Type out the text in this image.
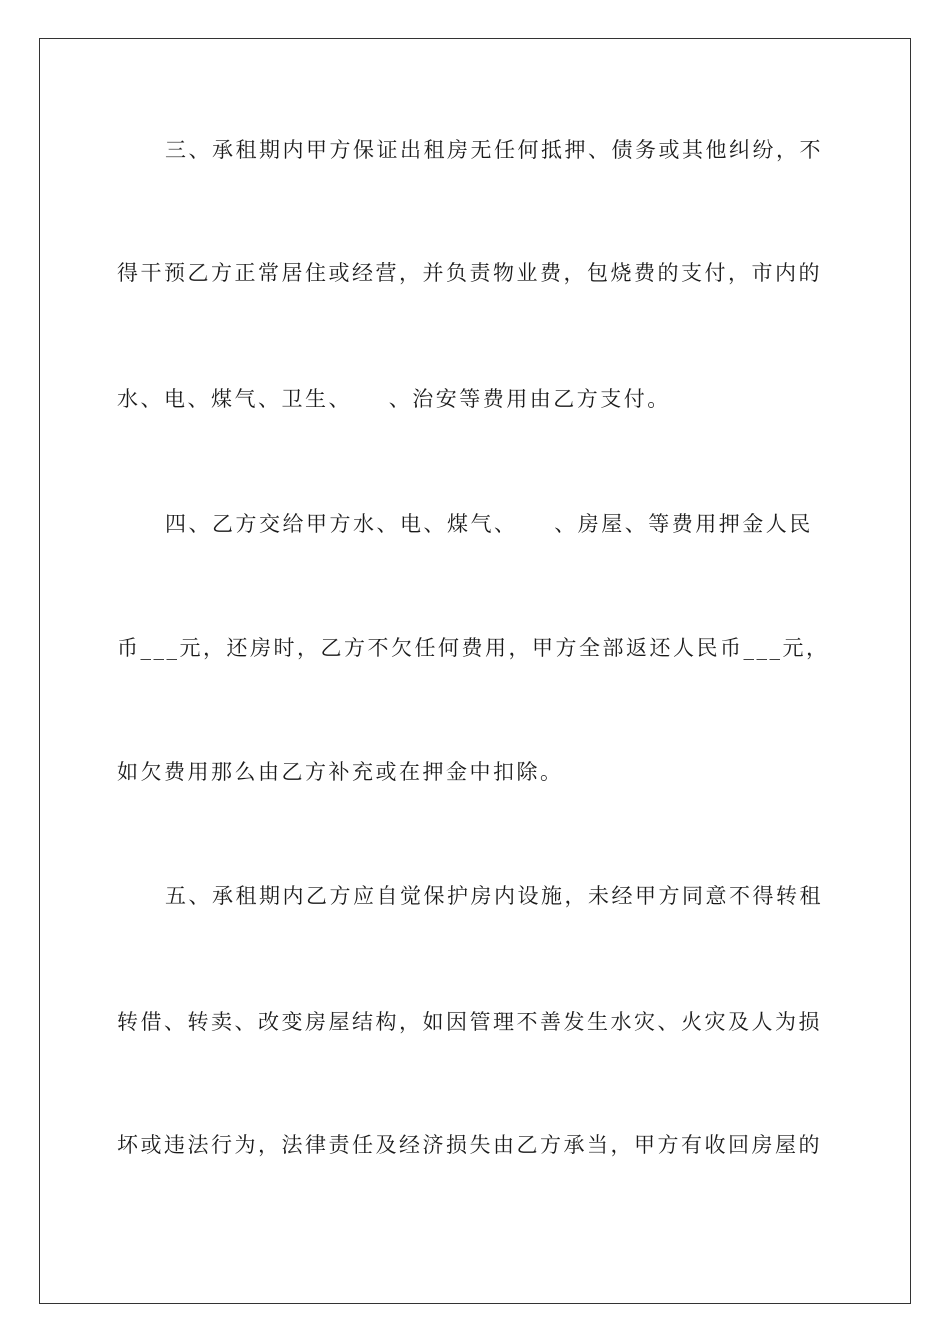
三、承租期内甲方保证出租房无任何抵押、债务或其他纠纷，不
得干预乙方正常居住或经营，并负责物业费，包烧费的支付，市内的
水、电、煤气、卫生、    、治安等费用由乙方支付。
四、乙方交给甲方水、电、煤气、    、房屋、等费用押金人民
币___元，还房时，乙方不欠任何费用，甲方全部返还人民币___元，
如欠费用那么由乙方补充或在押金中扣除。
五、承租期内乙方应自觉保护房内设施，未经甲方同意不得转租
转借、转卖、改变房屋结构，如因管理不善发生水灾、火灾及人为损
坏或违法行为，法律责任及经济损失由乙方承当，甲方有收回房屋的
